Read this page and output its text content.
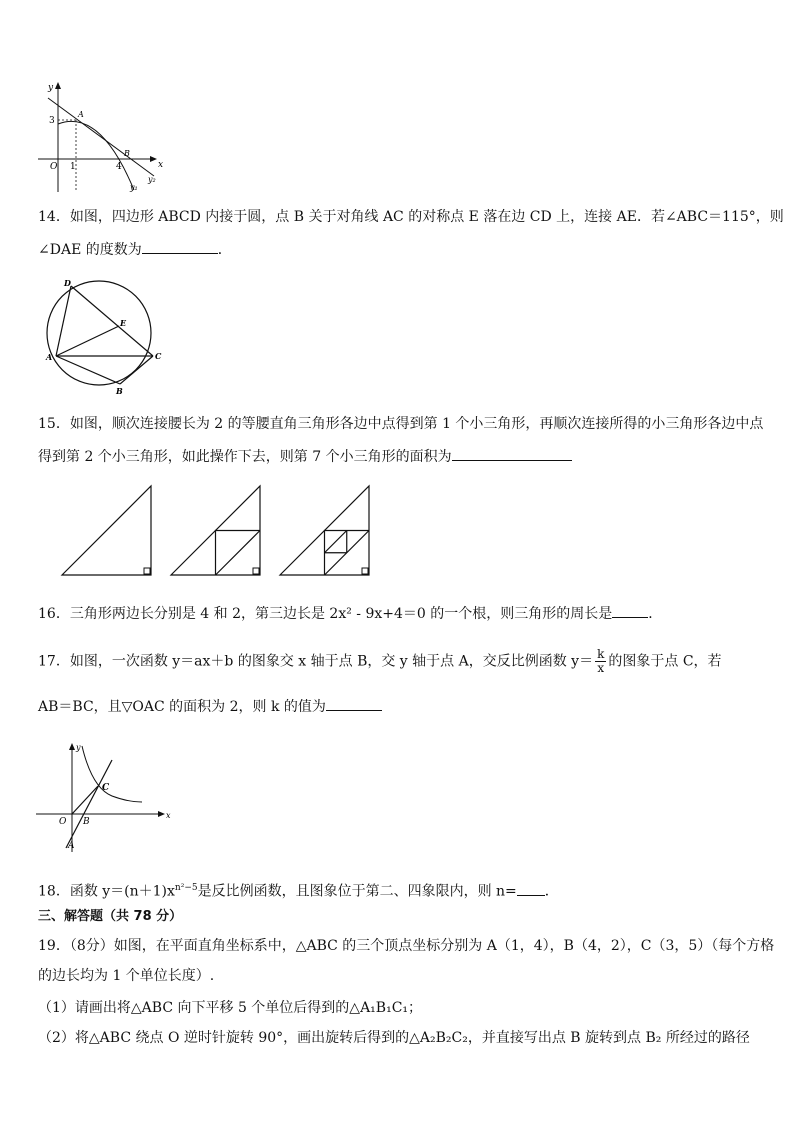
y
x
3
A
O 1	4
B
y₂
y₁
14．如图，四边形 ABCD 内接于圆，点 B 关于对角线 AC 的对称点 E 落在边 CD 上，连接 AE．若∠ABC＝115°，则
∠DAE 的度数为	．
D
E
A	C
B
15．如图，顺次连接腰长为 2 的等腰直角三角形各边中点得到第 1 个小三角形，再顺次连接所得的小三角形各边中点
得到第 2 个小三角形，如此操作下去，则第 7 个小三角形的面积为
16．三角形两边长分别是 4 和 2，第三边长是 2x² - 9x+4＝0 的一个根，则三角形的周长是	．
17．如图，一次函数 y＝ax＋b 的图象交 x 轴于点 B，交 y 轴于点 A，交反比例函数 $y= \frac{k}{x}$ 的图象于点 C，若
AB＝BC，且▽OAC 的面积为 2，则 k 的值为
y
C
O B
x
A
18．函数 $y=(n+1)x^{n^2-5}$是反比例函数，且图象位于第二、四象限内，则 n= ．
三、解答题（共 78 分）
19．（8分）如图，在平面直角坐标系中，△ABC 的三个顶点坐标分别为 A（1，4），B（4，2），C（3，5）（每个方格
的边长均为 1 个单位长度）.
（1）请画出将△ABC 向下平移 5 个单位后得到的△A₁B₁C₁；
（2）将△ABC 绕点 O 逆时针旋转 90°，画出旋转后得到的△A₂B₂C₂，并直接写出点 B 旋转到点 B₂ 所经过的路径
